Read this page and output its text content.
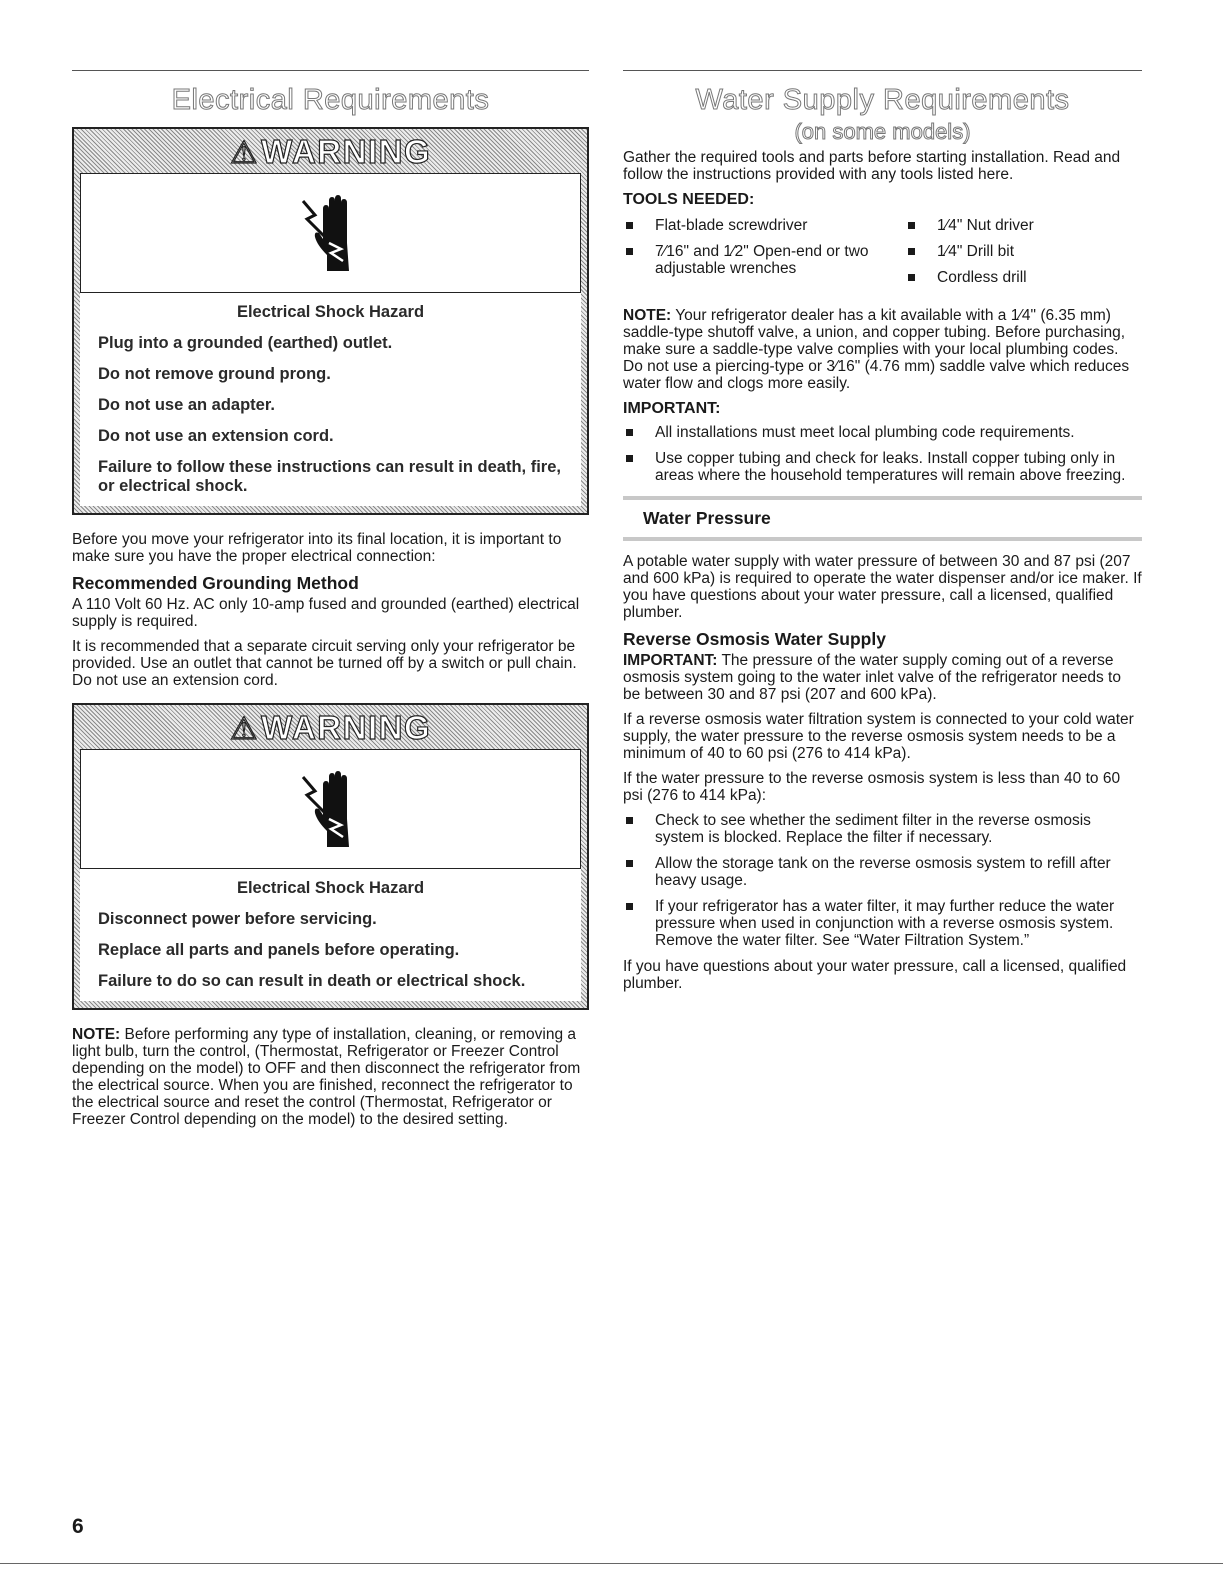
Electrical Requirements
⚠WARNING
Electrical Shock Hazard

Plug into a grounded (earthed) outlet.

Do not remove ground prong.

Do not use an adapter.

Do not use an extension cord.

Failure to follow these instructions can result in death, fire, or electrical shock.

Before you move your refrigerator into its final location, it is important to make sure you have the proper electrical connection:

Recommended Grounding Method

A 110 Volt 60 Hz. AC only 10-amp fused and grounded (earthed) electrical supply is required.

It is recommended that a separate circuit serving only your refrigerator be provided. Use an outlet that cannot be turned off by a switch or pull chain. Do not use an extension cord.

⚠WARNING
Electrical Shock Hazard

Disconnect power before servicing.

Replace all parts and panels before operating.

Failure to do so can result in death or electrical shock.

NOTE: Before performing any type of installation, cleaning, or removing a light bulb, turn the control, (Thermostat, Refrigerator or Freezer Control depending on the model) to OFF and then disconnect the refrigerator from the electrical source. When you are finished, reconnect the refrigerator to the electrical source and reset the control (Thermostat, Refrigerator or Freezer Control depending on the model) to the desired setting.

Water Supply Requirements
(on some models)

Gather the required tools and parts before starting installation. Read and follow the instructions provided with any tools listed here.

TOOLS NEEDED:
Flat-blade screwdriver
7⁄16" and 1⁄2" Open-end or two adjustable wrenches
1⁄4" Nut driver
1⁄4" Drill bit
Cordless drill

NOTE: Your refrigerator dealer has a kit available with a 1⁄4" (6.35 mm) saddle-type shutoff valve, a union, and copper tubing. Before purchasing, make sure a saddle-type valve complies with your local plumbing codes. Do not use a piercing-type or 3⁄16" (4.76 mm) saddle valve which reduces water flow and clogs more easily.

IMPORTANT:
All installations must meet local plumbing code requirements.
Use copper tubing and check for leaks. Install copper tubing only in areas where the household temperatures will remain above freezing.
Water Pressure

A potable water supply with water pressure of between 30 and 87 psi (207 and 600 kPa) is required to operate the water dispenser and/or ice maker. If you have questions about your water pressure, call a licensed, qualified plumber.

Reverse Osmosis Water Supply

IMPORTANT: The pressure of the water supply coming out of a reverse osmosis system going to the water inlet valve of the refrigerator needs to be between 30 and 87 psi (207 and 600 kPa).

If a reverse osmosis water filtration system is connected to your cold water supply, the water pressure to the reverse osmosis system needs to be a minimum of 40 to 60 psi (276 to 414 kPa).

If the water pressure to the reverse osmosis system is less than 40 to 60 psi (276 to 414 kPa):

Check to see whether the sediment filter in the reverse osmosis system is blocked. Replace the filter if necessary.
Allow the storage tank on the reverse osmosis system to refill after heavy usage.
If your refrigerator has a water filter, it may further reduce the water pressure when used in conjunction with a reverse osmosis system. Remove the water filter. See “Water Filtration System.”

If you have questions about your water pressure, call a licensed, qualified plumber.

6
